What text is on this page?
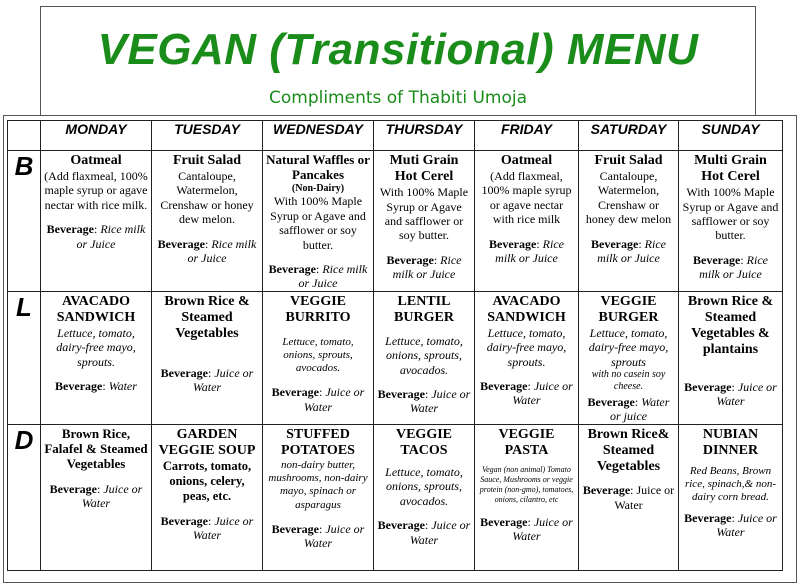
VEGAN (Transitional) MENU

Compliments of Thabiti Umoja

	MONDAY	TUESDAY	WEDNESDAY	THURSDAY	FRIDAY	SATURDAY	SUNDAY
B	Oatmeal
(Add flaxmeal, 100% maple syrup or agave nectar with rice milk.
Beverage: Rice milk or Juice	Fruit Salad
Cantaloupe, Watermelon, Crenshaw or honey dew melon.
Beverage: Rice milk or Juice	Natural Waffles or Pancakes
(Non-Dairy)
With 100% Maple Syrup or Agave and safflower or soy butter.
Beverage: Rice milk or Juice	Muti Grain Hot Cerel
With 100% Maple Syrup or Agave and safflower or soy butter.
Beverage: Rice milk or Juice	Oatmeal
(Add flaxmeal, 100% maple syrup or agave nectar with rice milk
Beverage: Rice milk or Juice	Fruit Salad
Cantaloupe, Watermelon, Crenshaw or honey dew melon
Beverage: Rice milk or Juice	Multi Grain Hot Cerel
With 100% Maple Syrup or Agave and safflower or soy butter.
Beverage: Rice milk or Juice

L	AVACADO SANDWICH
Lettuce, tomato, dairy-free mayo, sprouts.
Beverage: Water	Brown Rice & Steamed Vegetables
Beverage: Juice or Water	VEGGIE BURRITO
Lettuce, tomato, onions, sprouts, avocados.
Beverage: Juice or Water	LENTIL BURGER
Lettuce, tomato, onions, sprouts, avocados.
Beverage: Juice or Water	AVACADO SANDWICH
Lettuce, tomato, dairy-free mayo, sprouts.
Beverage: Juice or Water	VEGGIE BURGER
Lettuce, tomato, dairy-free mayo, sprouts
with no casein soy cheese.
Beverage: Water or juice	Brown Rice & Steamed Vegetables & plantains
Beverage: Juice or Water

D	Brown Rice, Falafel & Steamed Vegetables
Beverage: Juice or Water	GARDEN VEGGIE SOUP
Carrots, tomato, onions, celery, peas, etc.
Beverage: Juice or Water	STUFFED POTATOES
non-dairy butter, mushrooms, non-dairy mayo, spinach or asparagus
Beverage: Juice or Water	VEGGIE TACOS
Lettuce, tomato, onions, sprouts, avocados.
Beverage: Juice or Water	VEGGIE PASTA
Vegan (non animal) Tomato Sauce, Mushrooms or veggie protein (non-gmo), tomatoes, onions, cilantro, etc
Beverage: Juice or Water	Brown Rice& Steamed Vegetables
Beverage: Juice or Water	NUBIAN DINNER
Red Beans, Brown rice, spinach,& non-dairy corn bread.
Beverage: Juice or Water
